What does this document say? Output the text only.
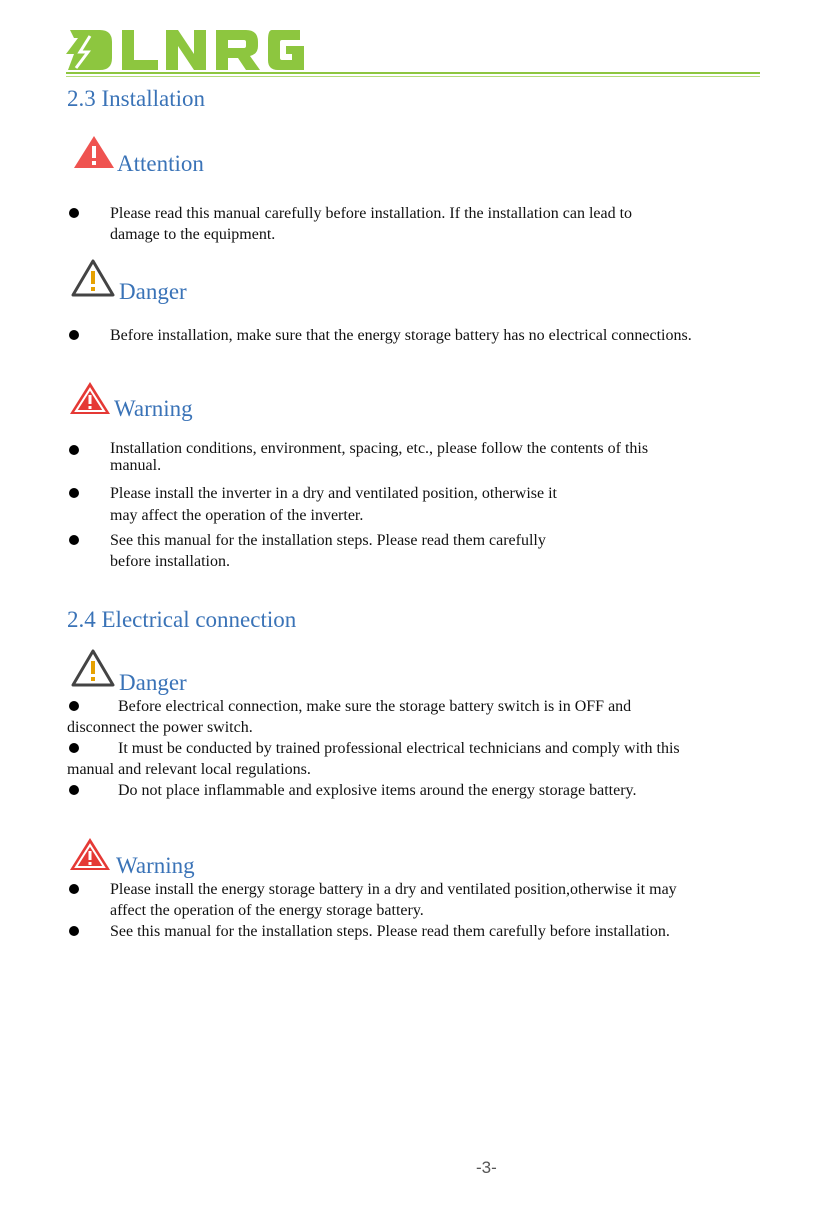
2.3 Installation
Attention
Please read this manual carefully before installation. If the installation can lead to
damage to the equipment.
Danger
Before installation, make sure that the energy storage battery has no electrical connections.
Warning
Installation conditions, environment, spacing, etc., please follow the contents of this
manual.
Please install the inverter in a dry and ventilated position, otherwise it
may affect the operation of the inverter.
See this manual for the installation steps. Please read them carefully
before installation.
2.4 Electrical connection
Danger
Before electrical connection, make sure the storage battery switch is in OFF and
disconnect the power switch.
It must be conducted by trained professional electrical technicians and comply with this
manual and relevant local regulations.
Do not place inflammable and explosive items around the energy storage battery.
Warning
Please install the energy storage battery in a dry and ventilated position,otherwise it may
affect the operation of the energy storage battery.
See this manual for the installation steps. Please read them carefully before installation.
-3-
